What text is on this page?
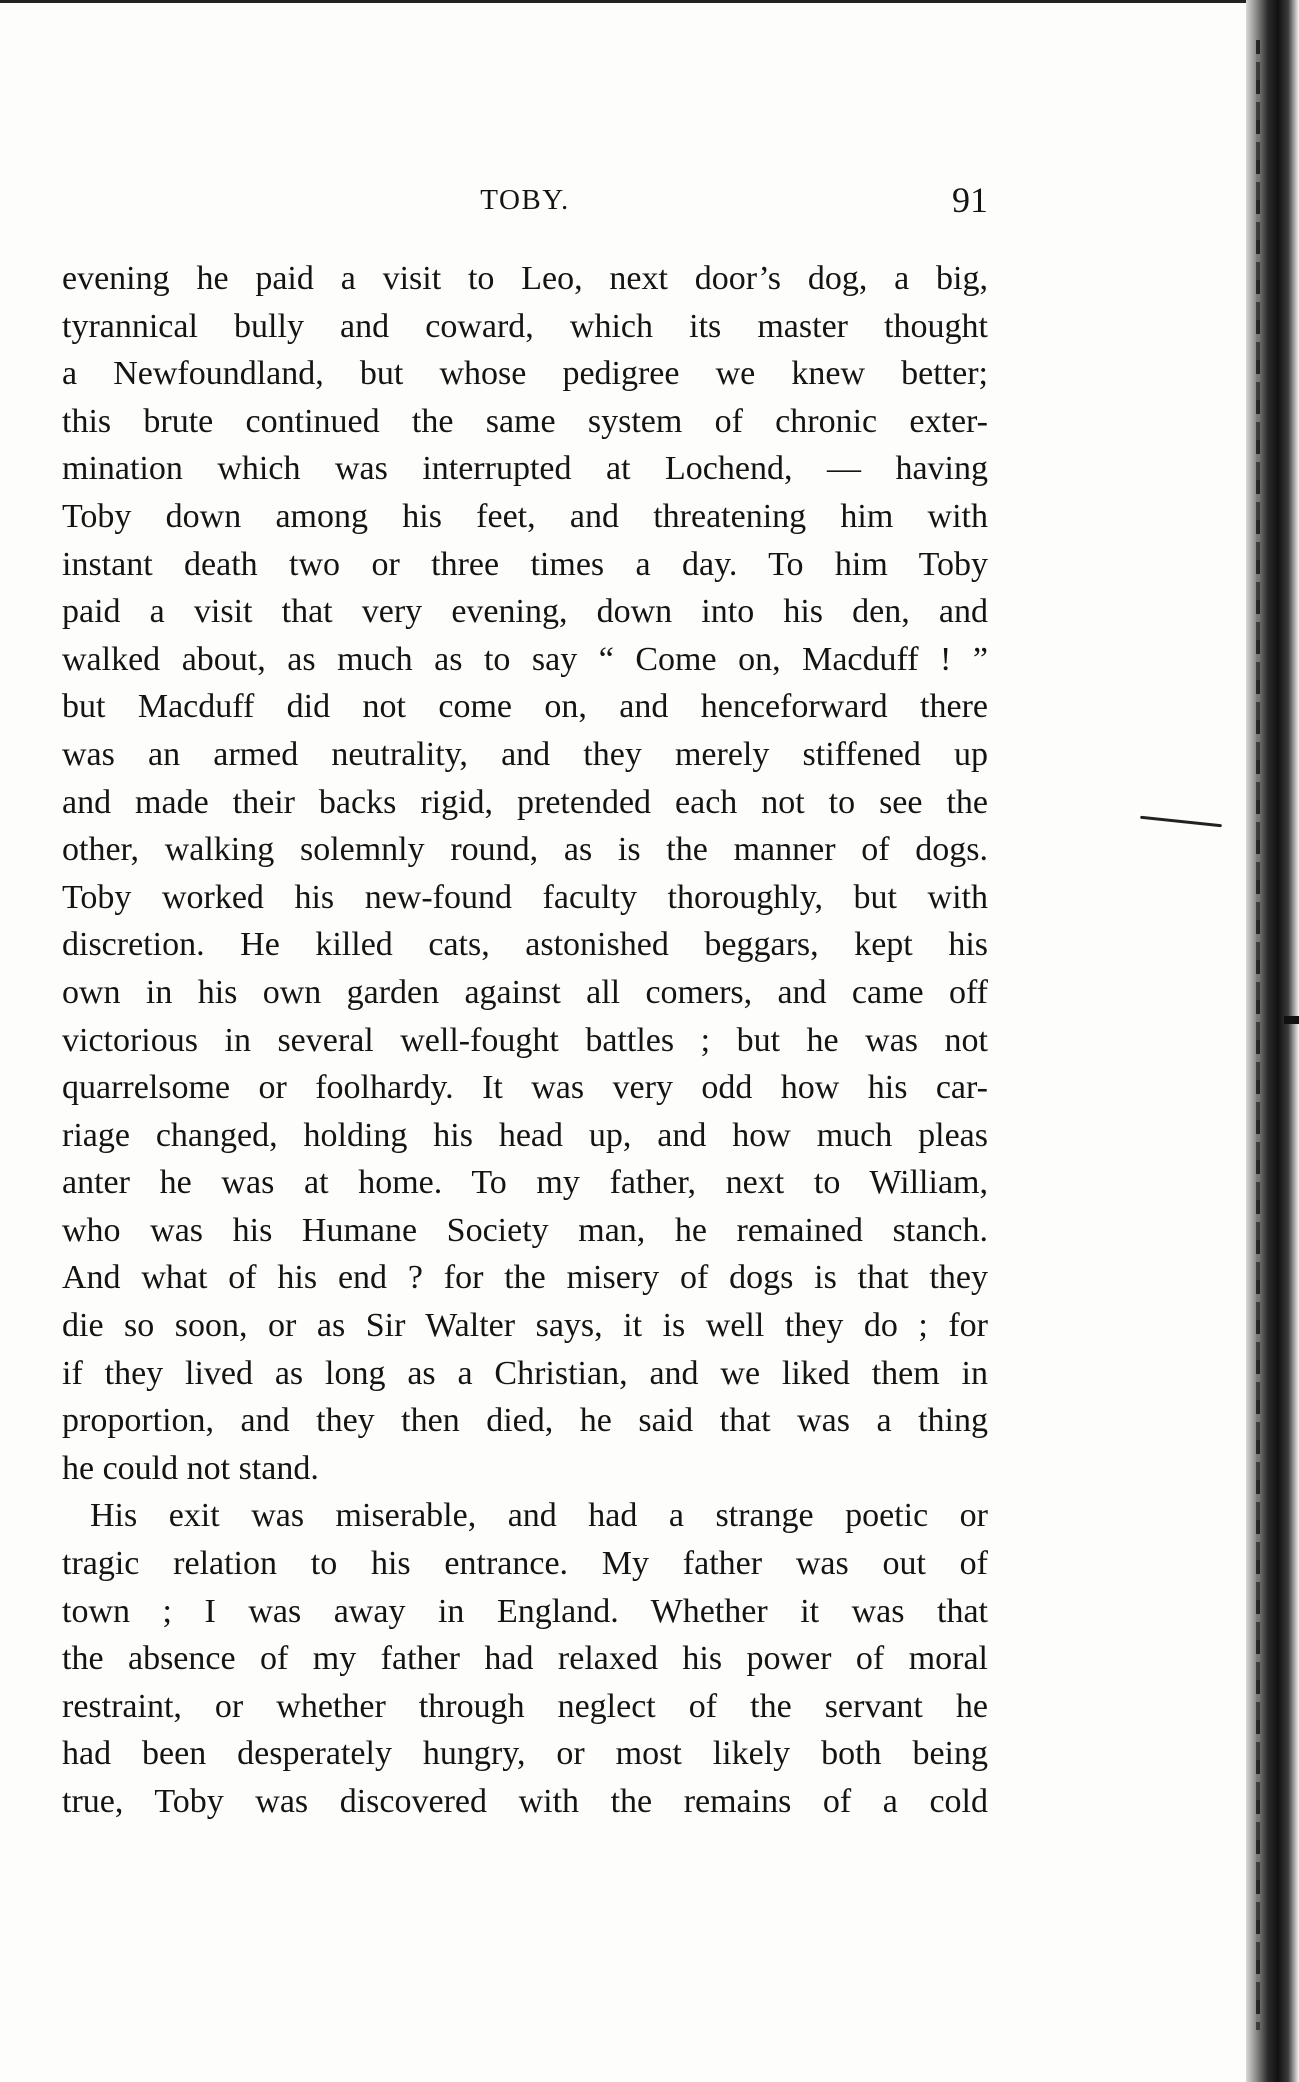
TOBY.	91
evening he paid a visit to Leo, next door’s dog, a big,
tyrannical bully and coward, which its master thought
a Newfoundland, but whose pedigree we knew better;
this brute continued the same system of chronic exter-
mination which was interrupted at Lochend, — having
Toby down among his feet, and threatening him with
instant death two or three times a day. To him Toby
paid a visit that very evening, down into his den, and
walked about, as much as to say “ Come on, Macduff ! ”
but Macduff did not come on, and henceforward there
was an armed neutrality, and they merely stiffened up
and made their backs rigid, pretended each not to see the
other, walking solemnly round, as is the manner of dogs.
Toby worked his new-found faculty thoroughly, but with
discretion. He killed cats, astonished beggars, kept his
own in his own garden against all comers, and came off
victorious in several well-fought battles ; but he was not
quarrelsome or foolhardy. It was very odd how his car-
riage changed, holding his head up, and how much pleas
anter he was at home. To my father, next to William,
who was his Humane Society man, he remained stanch.
And what of his end ? for the misery of dogs is that they
die so soon, or as Sir Walter says, it is well they do ; for
if they lived as long as a Christian, and we liked them in
proportion, and they then died, he said that was a thing
he could not stand.
His exit was miserable, and had a strange poetic or
tragic relation to his entrance. My father was out of
town ; I was away in England. Whether it was that
the absence of my father had relaxed his power of moral
restraint, or whether through neglect of the servant he
had been desperately hungry, or most likely both being
true, Toby was discovered with the remains of a cold
